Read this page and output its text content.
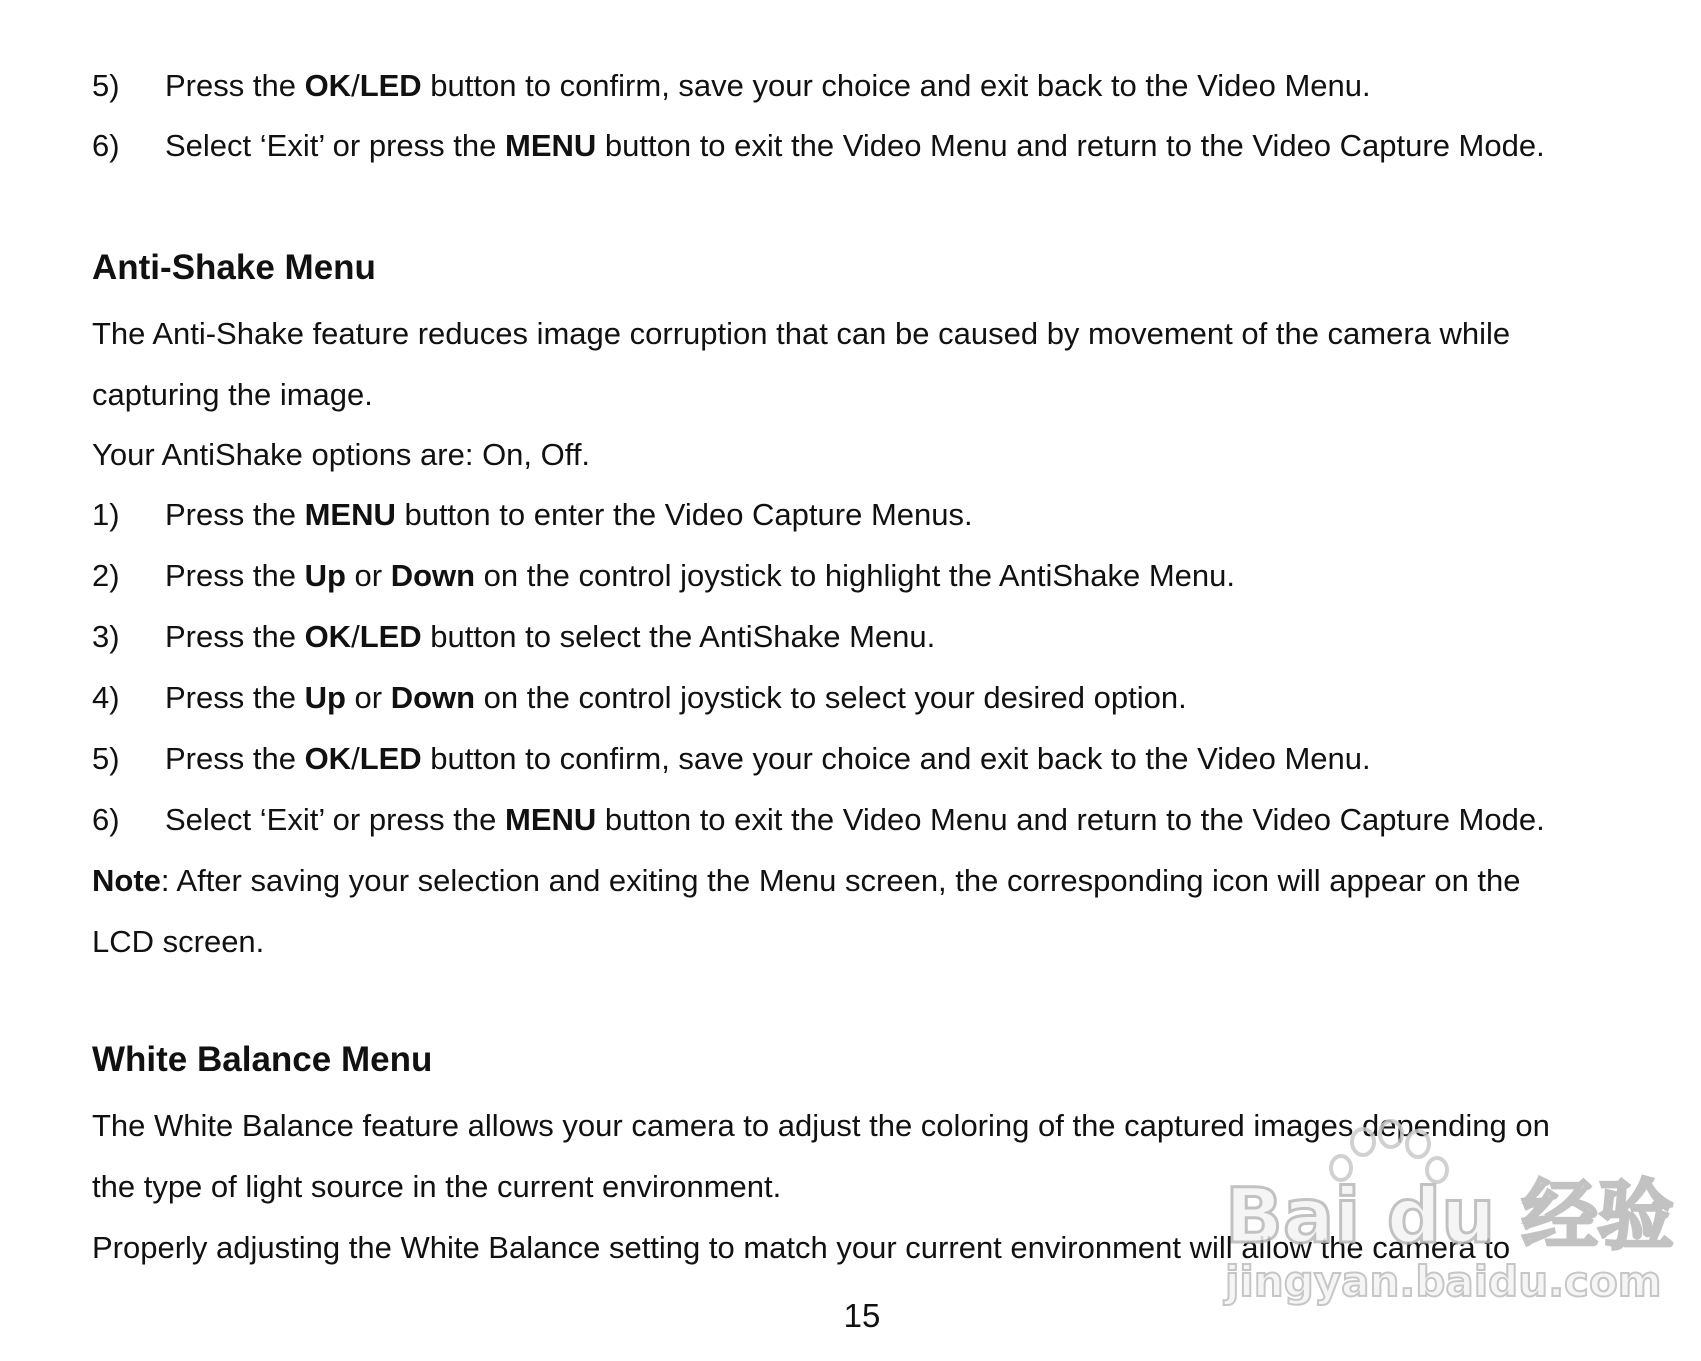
5) Press the OK/LED button to confirm, save your choice and exit back to the Video Menu.
6) Select ‘Exit’ or press the MENU button to exit the Video Menu and return to the Video Capture Mode.
Anti-Shake Menu
The Anti-Shake feature reduces image corruption that can be caused by movement of the camera while
capturing the image.
Your AntiShake options are: On, Off.
1) Press the MENU button to enter the Video Capture Menus.
2) Press the Up or Down on the control joystick to highlight the AntiShake Menu.
3) Press the OK/LED button to select the AntiShake Menu.
4) Press the Up or Down on the control joystick to select your desired option.
5) Press the OK/LED button to confirm, save your choice and exit back to the Video Menu.
6) Select ‘Exit’ or press the MENU button to exit the Video Menu and return to the Video Capture Mode.
Note: After saving your selection and exiting the Menu screen, the corresponding icon will appear on the
LCD screen.
White Balance Menu
The White Balance feature allows your camera to adjust the coloring of the captured images depending on
the type of light source in the current environment.
Properly adjusting the White Balance setting to match your current environment will allow the camera to
15
Bai du 经验
jingyan.baidu.com
